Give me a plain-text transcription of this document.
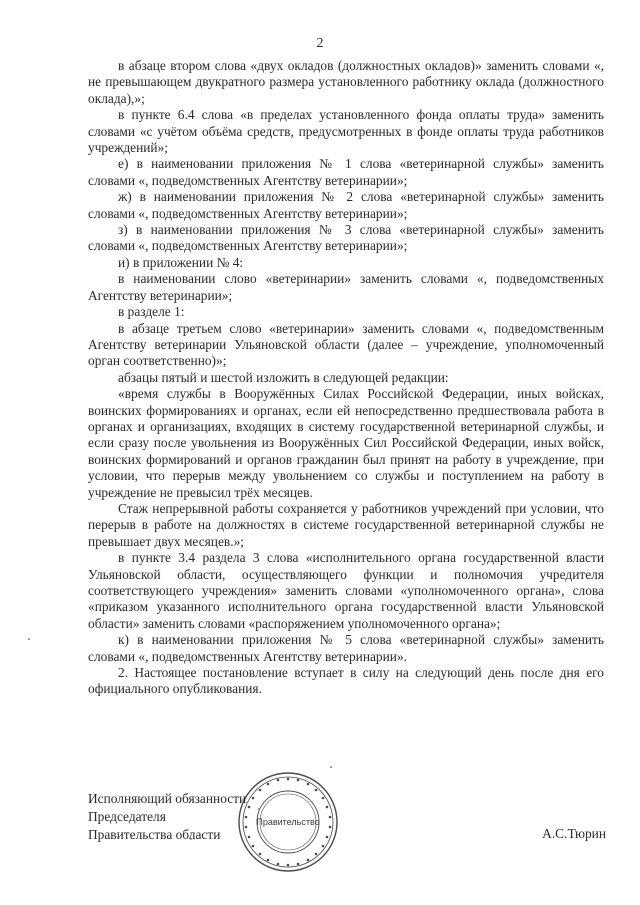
2

в абзаце втором слова «двух окладов (должностных окладов)» заменить словами «, не превышающем двукратного размера установленного работнику оклада (должностного оклада),»;

в пункте 6.4 слова «в пределах установленного фонда оплаты труда» заменить словами «с учётом объёма средств, предусмотренных в фонде оплаты труда работников учреждений»;

е) в наименовании приложения № 1 слова «ветеринарной службы» заменить словами «, подведомственных Агентству ветеринарии»;

ж) в наименовании приложения № 2 слова «ветеринарной службы» заменить словами «, подведомственных Агентству ветеринарии»;

з) в наименовании приложения № 3 слова «ветеринарной службы» заменить словами «, подведомственных Агентству ветеринарии»;

и) в приложении № 4:

в наименовании слово «ветеринарии» заменить словами «, подведомственных Агентству ветеринарии»;

в разделе 1:

в абзаце третьем слово «ветеринарии» заменить словами «, подведомственным Агентству ветеринарии Ульяновской области (далее – учреждение, уполномоченный орган соответственно)»;

абзацы пятый и шестой изложить в следующей редакции:

«время службы в Вооружённых Силах Российской Федерации, иных войсках, воинских формированиях и органах, если ей непосредственно предшествовала работа в органах и организациях, входящих в систему государственной ветеринарной службы, и если сразу после увольнения из Вооружённых Сил Российской Федерации, иных войск, воинских формирований и органов гражданин был принят на работу в учреждение, при условии, что перерыв между увольнением со службы и поступлением на работу в учреждение не превысил трёх месяцев.

Стаж непрерывной работы сохраняется у работников учреждений при условии, что перерыв в работе на должностях в системе государственной ветеринарной службы не превышает двух месяцев.»;

в пункте 3.4 раздела 3 слова «исполнительного органа государственной власти Ульяновской области, осуществляющего функции и полномочия учредителя соответствующего учреждения» заменить словами «уполномоченного органа», слова «приказом указанного исполнительного органа государственной власти Ульяновской области» заменить словами «распоряжением уполномоченного органа»;

к) в наименовании приложения № 5 слова «ветеринарной службы» заменить словами «, подведомственных Агентству ветеринарии».

2. Настоящее постановление вступает в силу на следующий день после дня его официального опубликования.

Правительство
Исполняющий обязанности
Председателя
Правительства области	А.С.Тюрин
